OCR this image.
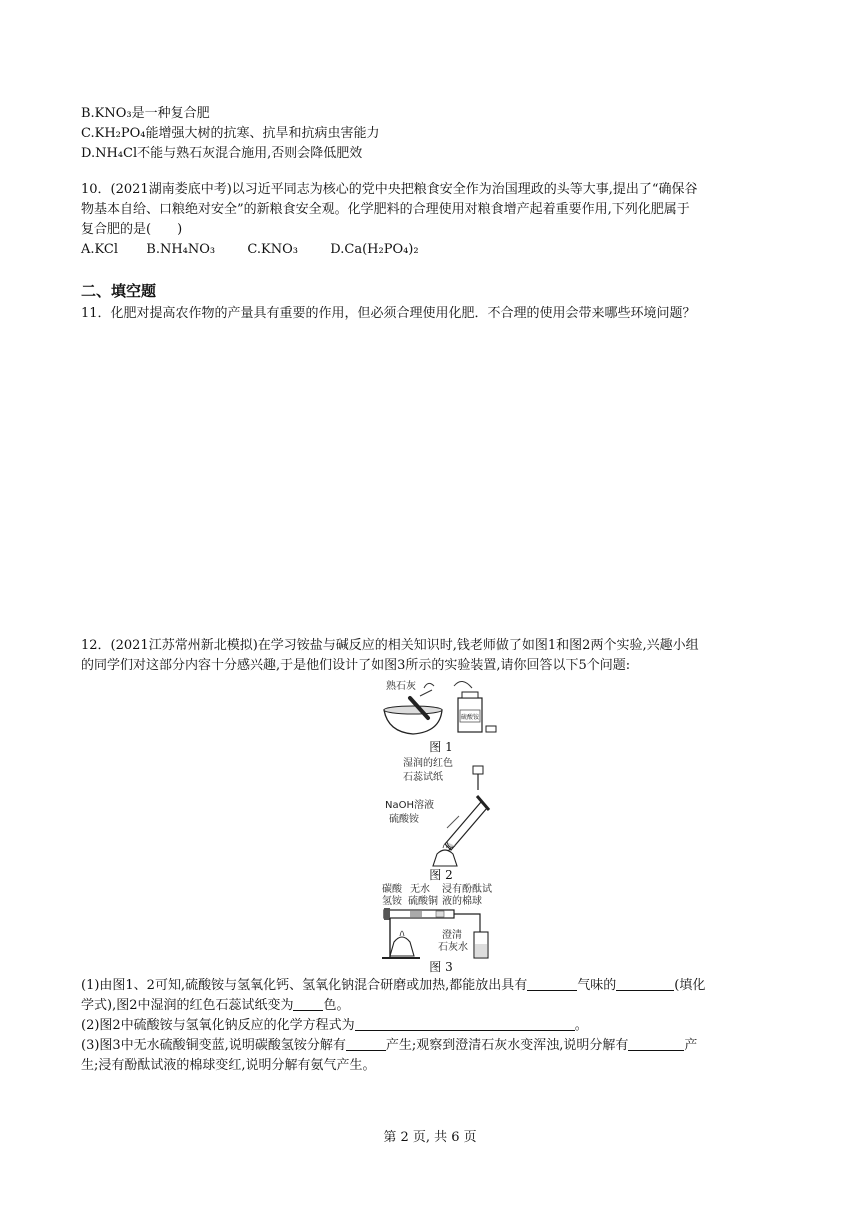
B.KNO₃是一种复合肥
C.KH₂PO₄能增强大树的抗寒、抗旱和抗病虫害能力
D.NH₄Cl不能与熟石灰混合施用,否则会降低肥效
10．(2021湖南娄底中考)以习近平同志为核心的党中央把粮食安全作为治国理政的头等大事,提出了“确保谷
物基本自给、口粮绝对安全”的新粮食安全观。化学肥料的合理使用对粮食增产起着重要作用,下列化肥属于
复合肥的是(　　)
A.KCl B.NH₄NO₃ C.KNO₃ D.Ca(H₂PO₄)₂
二、填空题
11．化肥对提高农作物的产量具有重要的作用，但必须合理使用化肥．不合理的使用会带来哪些环境问题？
12．(2021江苏常州新北模拟)在学习铵盐与碱反应的相关知识时,钱老师做了如图1和图2两个实验,兴趣小组
的同学们对这部分内容十分感兴趣,于是他们设计了如图3所示的实验装置,请你回答以下5个问题:
熟石灰
硫酸铵
图 1
湿润的红色
石蕊试纸
NaOH溶液
硫酸铵
图 2
碳酸
氢铵
无水
硫酸铜
浸有酚酞试
液的棉球
澄清
石灰水
图 3
(1)由图1、2可知,硫酸铵与氢氧化钙、氢氧化钠混合研磨或加热,都能放出具有	气味的	(填化
学式),图2中湿润的红色石蕊试纸变为 色。
(2)图2中硫酸铵与氢氧化钠反应的化学方程式为	。
(3)图3中无水硫酸铜变蓝,说明碳酸氢铵分解有	产生;观察到澄清石灰水变浑浊,说明分解有	产
生;浸有酚酞试液的棉球变红,说明分解有氨气产生。
第 2 页, 共 6 页
